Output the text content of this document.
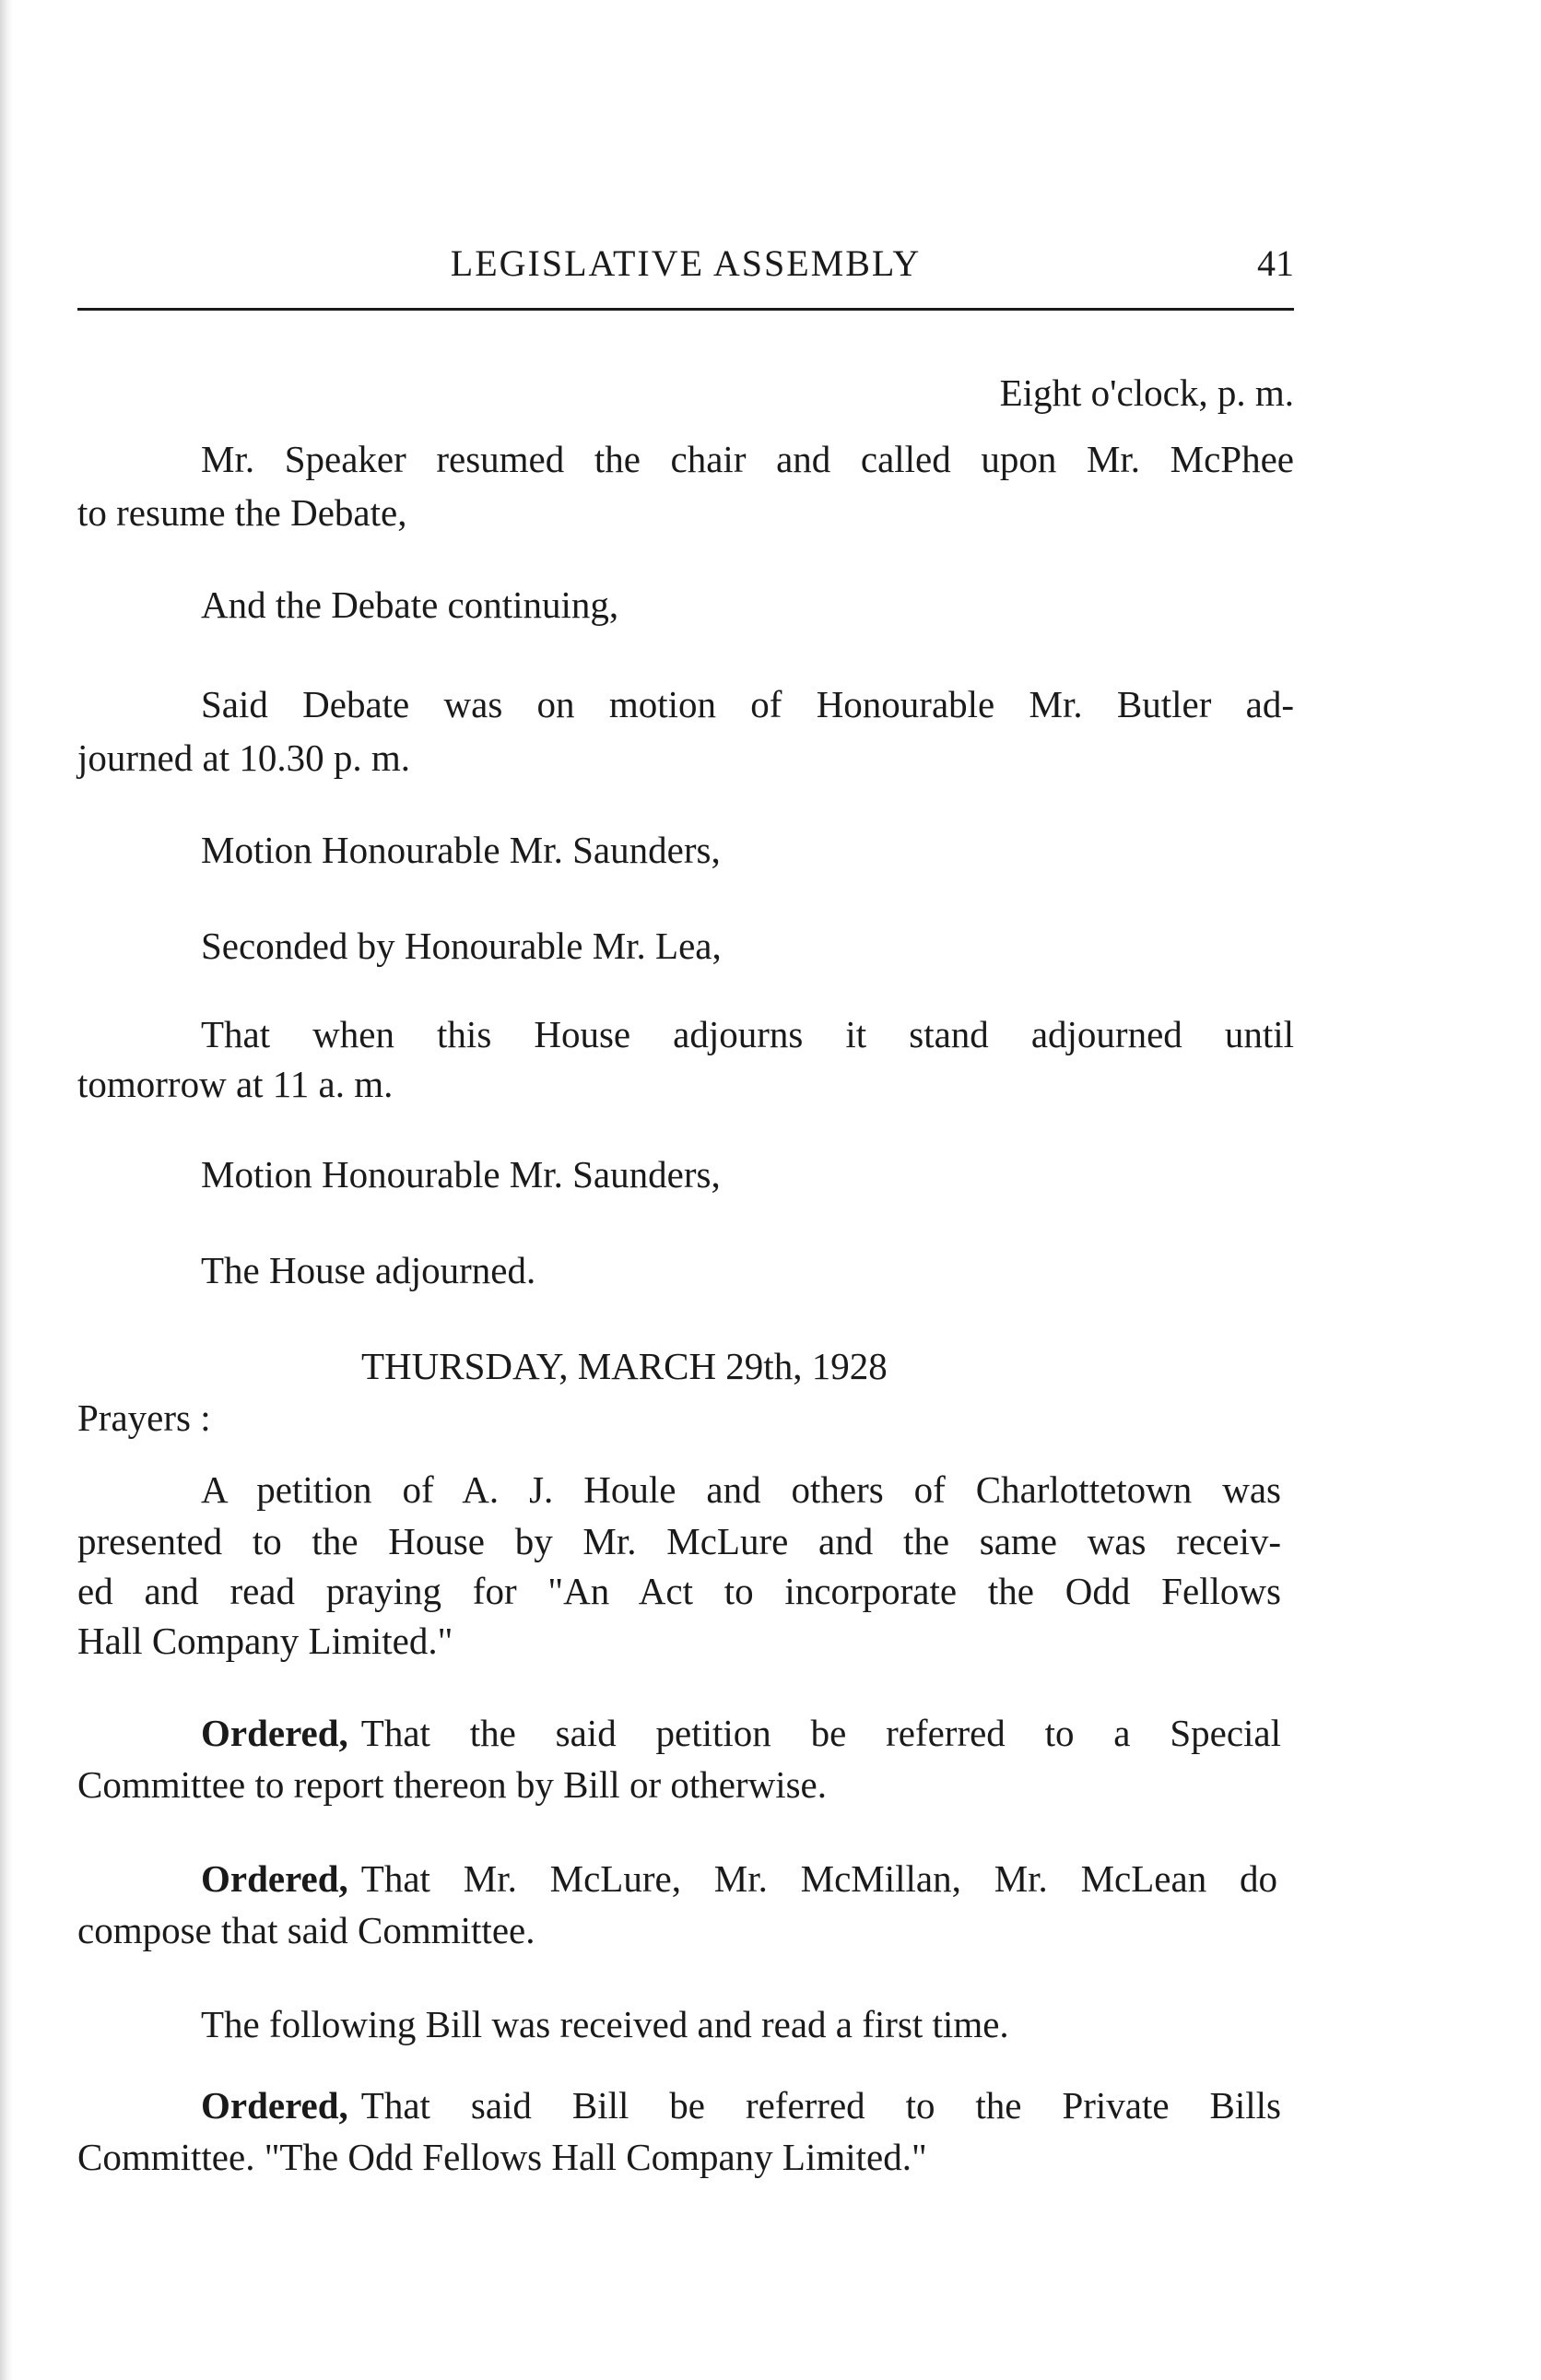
LEGISLATIVE ASSEMBLY	41
Eight o'clock, p. m.
Mr. Speaker resumed the chair and called upon Mr. McPhee
to resume the Debate,
And the Debate continuing,
Said Debate was on motion of Honourable Mr. Butler ad-
journed at 10.30 p. m.
Motion Honourable Mr. Saunders,
Seconded by Honourable Mr. Lea,
That when this House adjourns it stand adjourned until
tomorrow at 11 a. m.
Motion Honourable Mr. Saunders,
The House adjourned.
THURSDAY, MARCH 29th, 1928
Prayers :
A petition of A. J. Houle and others of Charlottetown was
presented to the House by Mr. McLure and the same was receiv-
ed and read praying for "An Act to incorporate the Odd Fellows
Hall Company Limited."
Ordered, That the said petition be referred to a Special
Committee to report thereon by Bill or otherwise.
Ordered, That Mr. McLure, Mr. McMillan, Mr. McLean do
compose that said Committee.
The following Bill was received and read a first time.
Ordered, That said Bill be referred to the Private Bills
Committee. "The Odd Fellows Hall Company Limited."
